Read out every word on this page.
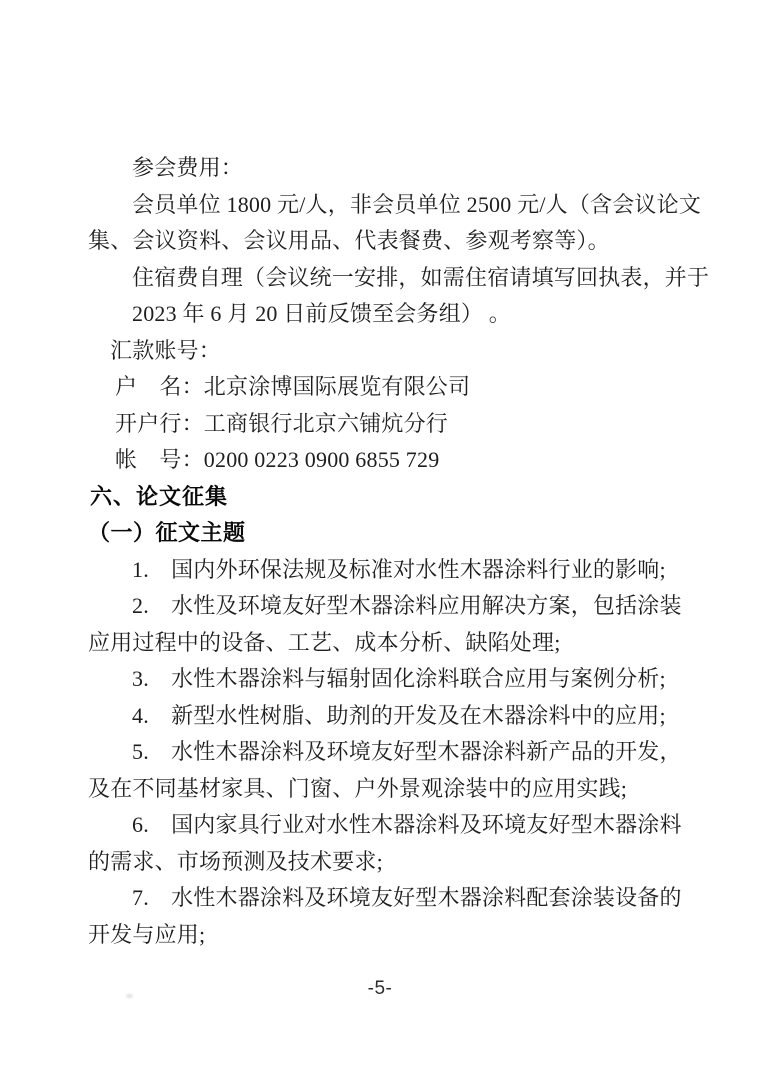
参会费用：
会员单位 1800 元/人，非会员单位 2500 元/人（含会议论文
集、会议资料、会议用品、代表餐费、参观考察等）。
住宿费自理（会议统一安排，如需住宿请填写回执表，并于
2023 年 6 月 20 日前反馈至会务组） 。
汇款账号：
户　名：北京涂博国际展览有限公司
开户行：工商银行北京六铺炕分行
帐　号：0200 0223 0900 6855 729
六、论文征集
（一）征文主题
1.　国内外环保法规及标准对水性木器涂料行业的影响;
2.　水性及环境友好型木器涂料应用解决方案，包括涂装
应用过程中的设备、工艺、成本分析、缺陷处理;
3.　水性木器涂料与辐射固化涂料联合应用与案例分析;
4.　新型水性树脂、助剂的开发及在木器涂料中的应用;
5.　水性木器涂料及环境友好型木器涂料新产品的开发，
及在不同基材家具、门窗、户外景观涂装中的应用实践;
6.　国内家具行业对水性木器涂料及环境友好型木器涂料
的需求、市场预测及技术要求;
7.　水性木器涂料及环境友好型木器涂料配套涂装设备的
开发与应用;
-5-
